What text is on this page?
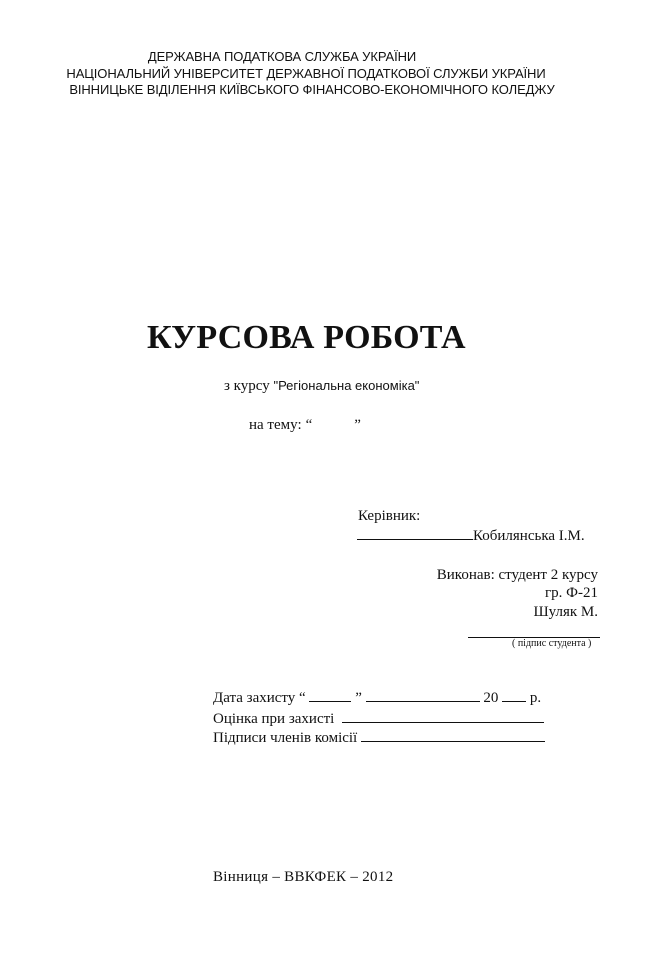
ДЕРЖАВНА ПОДАТКОВА СЛУЖБА УКРАЇНИ
НАЦІОНАЛЬНИЙ УНІВЕРСИТЕТ ДЕРЖАВНОЇ ПОДАТКОВОЇ СЛУЖБИ УКРАЇНИ
ВІННИЦЬКЕ ВІДІЛЕННЯ КИЇВСЬКОГО ФІНАНСОВО-ЕКОНОМІЧНОГО КОЛЕДЖУ
КУРСОВА РОБОТА
з курсу "Регіональна економіка"
на тему: “	”
Керівник:
Кобилянська І.М.
Виконав: студент 2 курсу
гр. Ф-21
Шуляк М.
( підпис студента )
Дата захисту “	”	20 р.
Оцінка при захисті
Підписи членів комісії
Вінниця – ВВКФЕК – 2012
